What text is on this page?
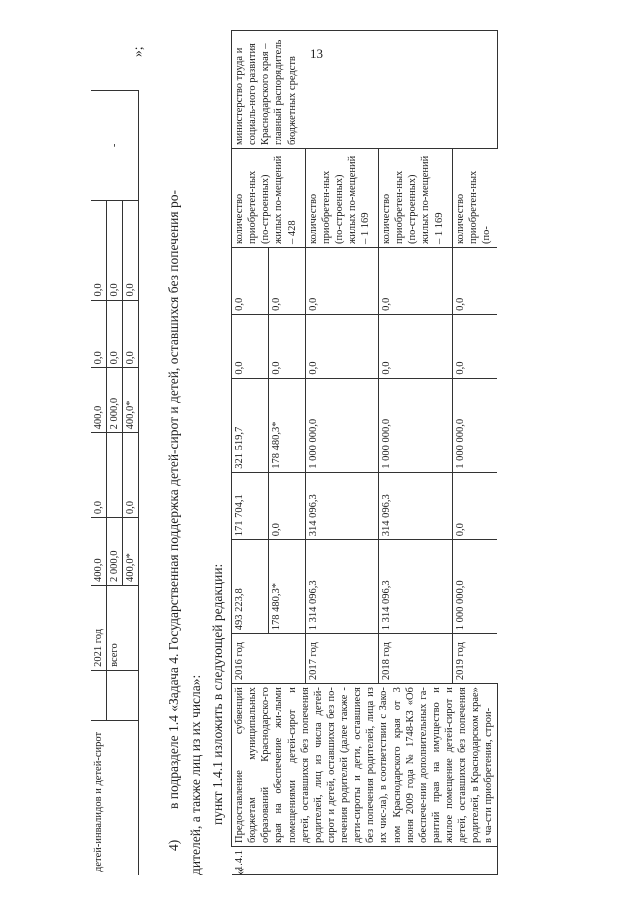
13
детей-инвалидов и детей-сирот		2021 год	400,0	0,0	400,0	0,0	0,0	-
		всего	2 000,0		2 000,0	0,0	0,0	
			400,0*	0,0	400,0*	0,0	0,0	
»;
4)
в подразделе 1.4 «Задача 4. Государственная поддержка детей-сирот и детей, оставшихся без попечения ро- дителей, а также лиц из их числа»: пункт 1.4.1 изложить в следующей редакции:
«
1.4.1	Предоставление субвенций бюджетам муниципальных образований Краснодарско-го края на обеспечение жи-лыми помещениями детей-сирот и детей, оставшихся без попечения родителей, лиц из числа детей-сирот и детей, оставшихся без по-печения родителей (далее также - дети-сироты и дети, оставшиеся без попечения родителей, лица из их чис-ла), в соответствии с Зако-ном Краснодарского края от 3 июня 2009 года № 1748-КЗ «Об обеспече-нии дополнительных га-рантий прав на имущество и жилое помещение детей-сирот и детей, оставшихся без попечения родителей, в Краснодарском крае» в ча-сти приобретения, строи-	2016 год	493 223,8	171 704,1	321 519,7	0,0	0,0	количество приобретен-ных (по-строенных) жилых по-мещений – 428	министерство труда и социаль-ного развития Краснодарского края – главный распорядитель бюджетных средств
			178 480,3*	0,0	178 480,3*	0,0	0,0		
		2017 год	1 314 096,3	314 096,3	1 000 000,0	0,0	0,0	количество приобретен-ных (по-строенных) жилых по-мещений – 1 169	
		2018 год	1 314 096,3	314 096,3	1 000 000,0	0,0	0,0	количество приобретен-ных (по-строенных) жилых по-мещений – 1 169	
		2019 год	1 000 000,0	0,0	1 000 000,0	0,0	0,0	количество приобретен-ных (по-	
